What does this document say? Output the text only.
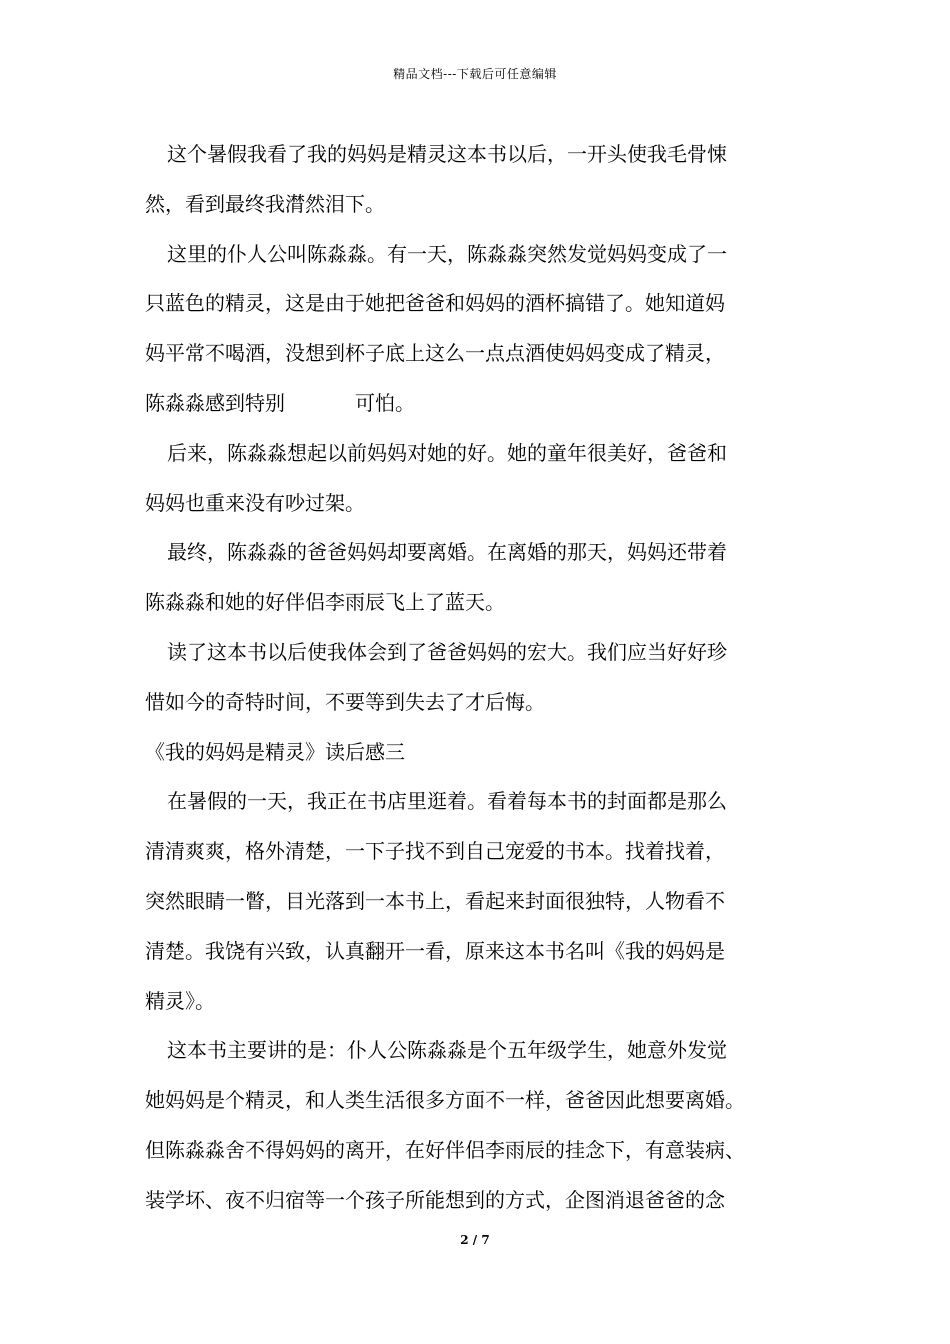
精品文档---下载后可任意编辑
这个暑假我看了我的妈妈是精灵这本书以后，一开头使我毛骨悚
然，看到最终我潸然泪下。
这里的仆人公叫陈淼淼。有一天，陈淼淼突然发觉妈妈变成了一
只蓝色的精灵，这是由于她把爸爸和妈妈的酒杯搞错了。她知道妈
妈平常不喝酒，没想到杯子底上这么一点点酒使妈妈变成了精灵，
陈淼淼感到特别	可怕。
后来，陈淼淼想起以前妈妈对她的好。她的童年很美好，爸爸和
妈妈也重来没有吵过架。
最终，陈淼淼的爸爸妈妈却要离婚。在离婚的那天，妈妈还带着
陈淼淼和她的好伴侣李雨辰飞上了蓝天。
读了这本书以后使我体会到了爸爸妈妈的宏大。我们应当好好珍
惜如今的奇特时间，不要等到失去了才后悔。
《我的妈妈是精灵》读后感三
在暑假的一天，我正在书店里逛着。看着每本书的封面都是那么
清清爽爽，格外清楚，一下子找不到自己宠爱的书本。找着找着，
突然眼睛一瞥，目光落到一本书上，看起来封面很独特，人物看不
清楚。我饶有兴致，认真翻开一看，原来这本书名叫《我的妈妈是
精灵》。
这本书主要讲的是：仆人公陈淼淼是个五年级学生，她意外发觉
她妈妈是个精灵，和人类生活很多方面不一样，爸爸因此想要离婚。
但陈淼淼舍不得妈妈的离开，在好伴侣李雨辰的挂念下，有意装病、
装学坏、夜不归宿等一个孩子所能想到的方式，企图消退爸爸的念
2 / 7
